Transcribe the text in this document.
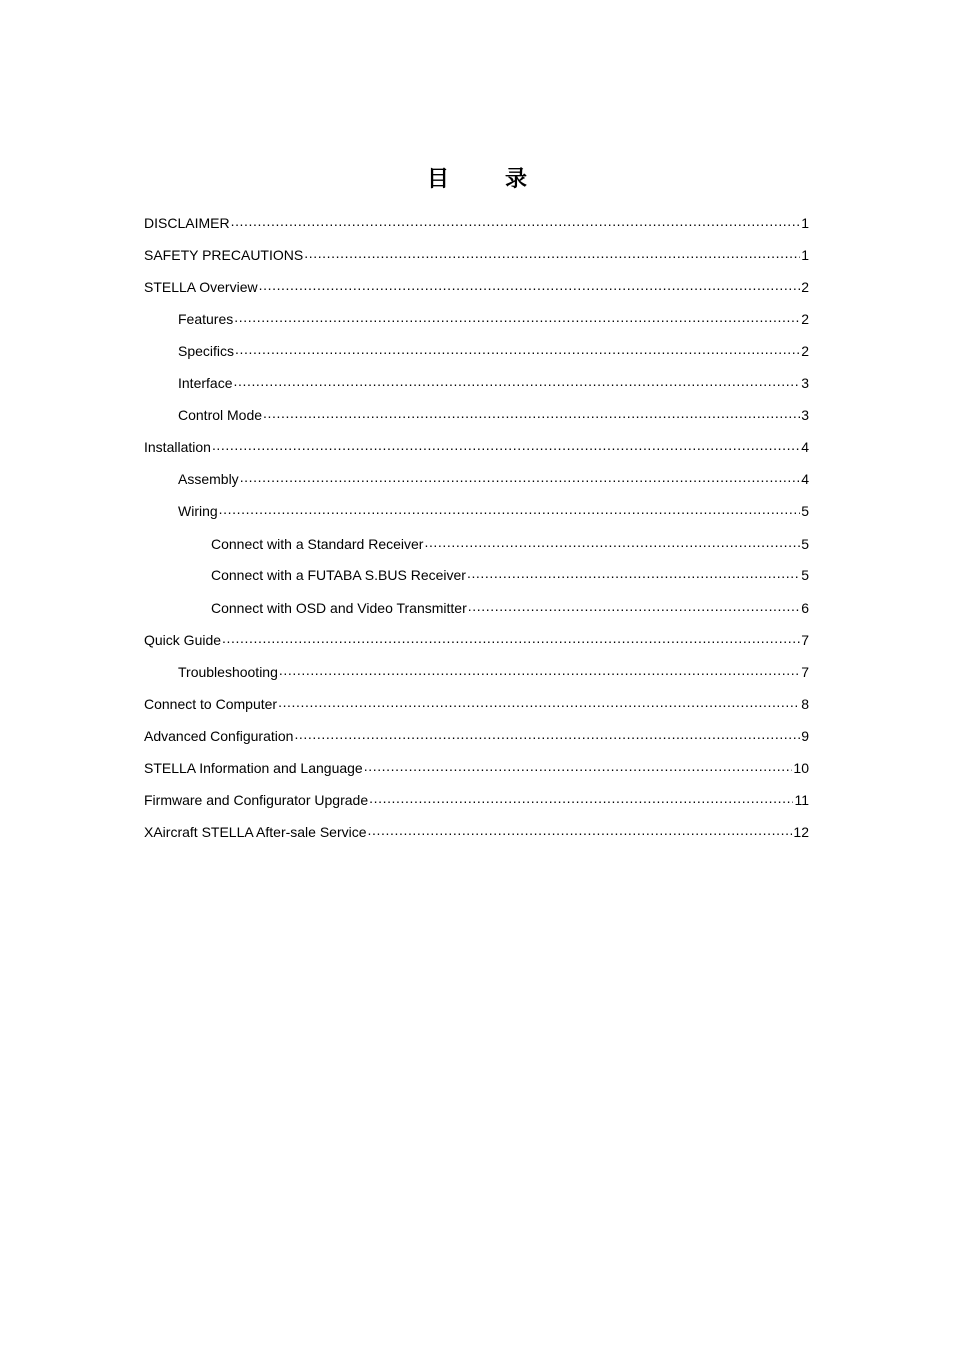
目	录
DISCLAIMER .....	1
SAFETY PRECAUTIONS .....	1
STELLA Overview .....	2
Features .....	2
Specifics .....	2
Interface .....	3
Control Mode .....	3
Installation .....	4
Assembly .....	4
Wiring .....	5
Connect with a Standard Receiver .....	5
Connect with a FUTABA S.BUS Receiver .....	5
Connect with OSD and Video Transmitter .....	6
Quick Guide .....	7
Troubleshooting .....	7
Connect to Computer .....	8
Advanced Configuration .....	9
STELLA Information and Language .....	10
Firmware and Configurator Upgrade .....	11
XAircraft STELLA After-sale Service .....	12
